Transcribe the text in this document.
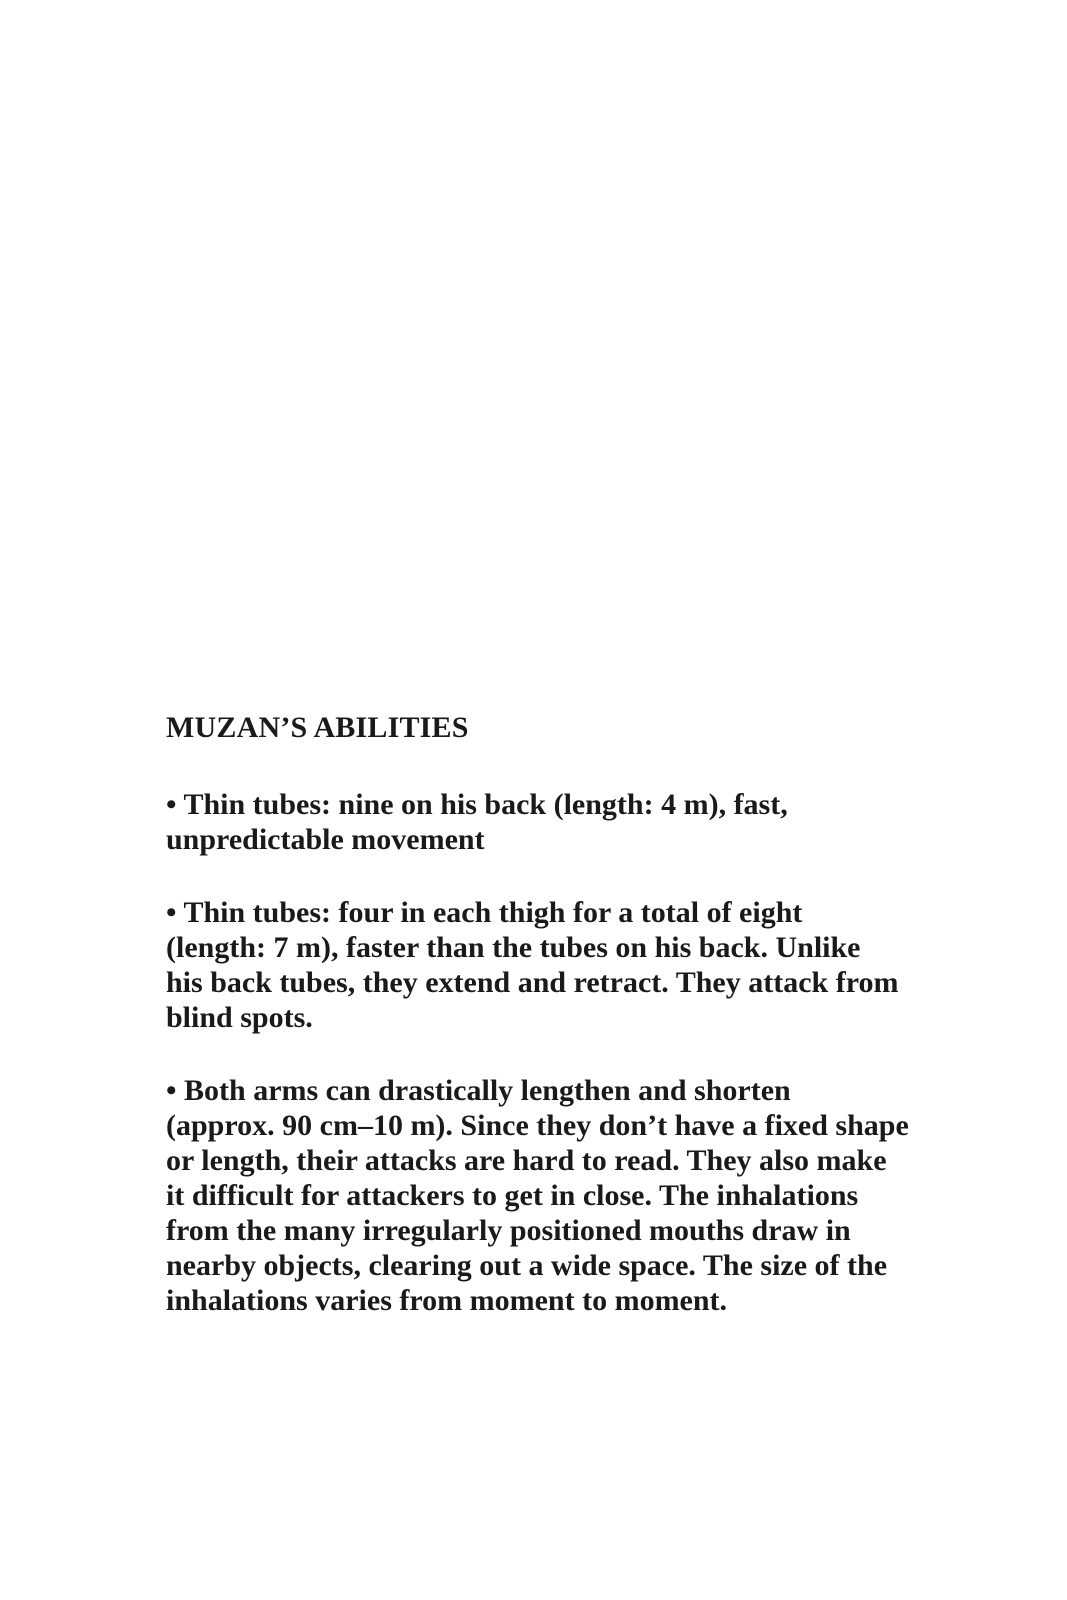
MUZAN’S ABILITIES

• Thin tubes: nine on his back (length: 4 m), fast,
unpredictable movement

• Thin tubes: four in each thigh for a total of eight
(length: 7 m), faster than the tubes on his back. Unlike
his back tubes, they extend and retract. They attack from
blind spots.

• Both arms can drastically lengthen and shorten
(approx. 90 cm–10 m). Since they don’t have a fixed shape
or length, their attacks are hard to read. They also make
it difficult for attackers to get in close. The inhalations
from the many irregularly positioned mouths draw in
nearby objects, clearing out a wide space. The size of the
inhalations varies from moment to moment.
